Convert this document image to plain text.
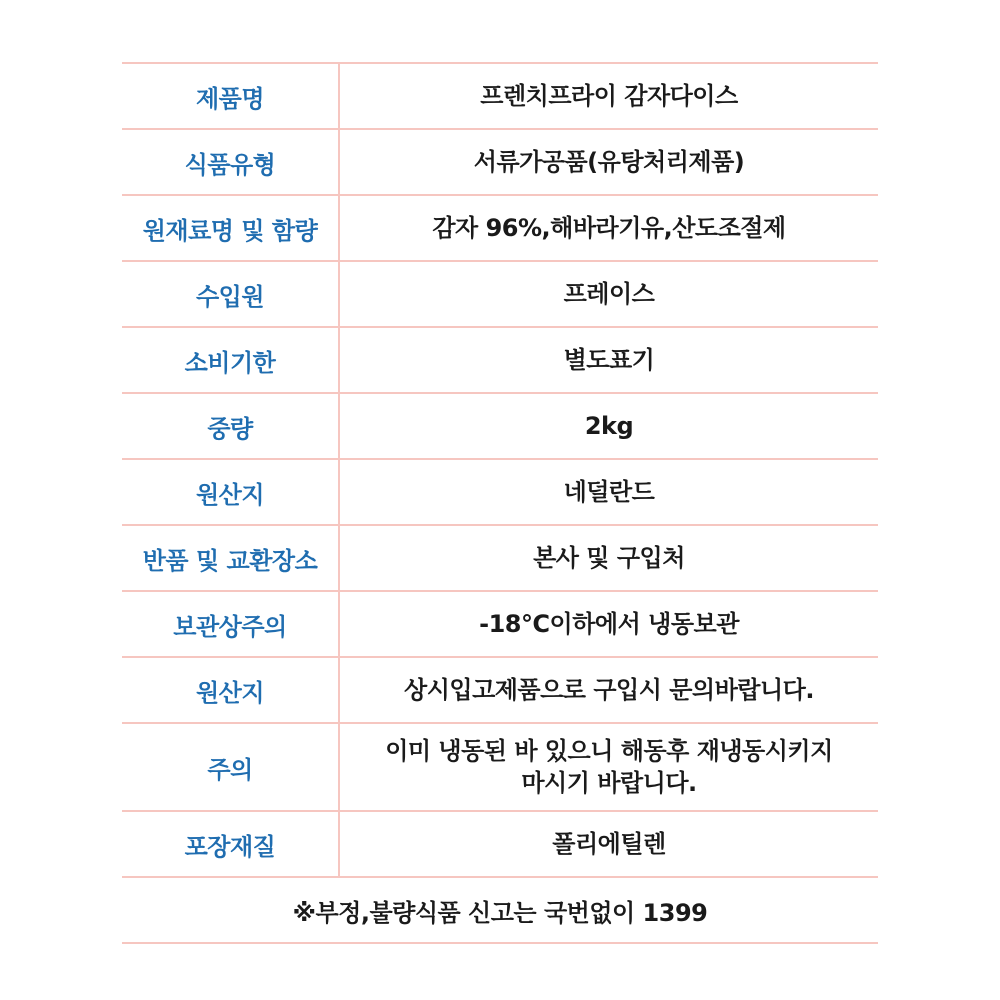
제품명	프렌치프라이 감자다이스
식품유형	서류가공품(유탕처리제품)
원재료명 및 함량	감자 96%,해바라기유,산도조절제
수입원	프레이스
소비기한	별도표기
중량	2kg
원산지	네덜란드
반품 및 교환장소	본사 및 구입처
보관상주의	-18℃이하에서 냉동보관
원산지	상시입고제품으로 구입시 문의바랍니다.
주의	이미 냉동된 바 있으니 해동후 재냉동시키지
마시기 바랍니다.

포장재질	폴리에틸렌
※부정,불량식품 신고는 국번없이 1399	
